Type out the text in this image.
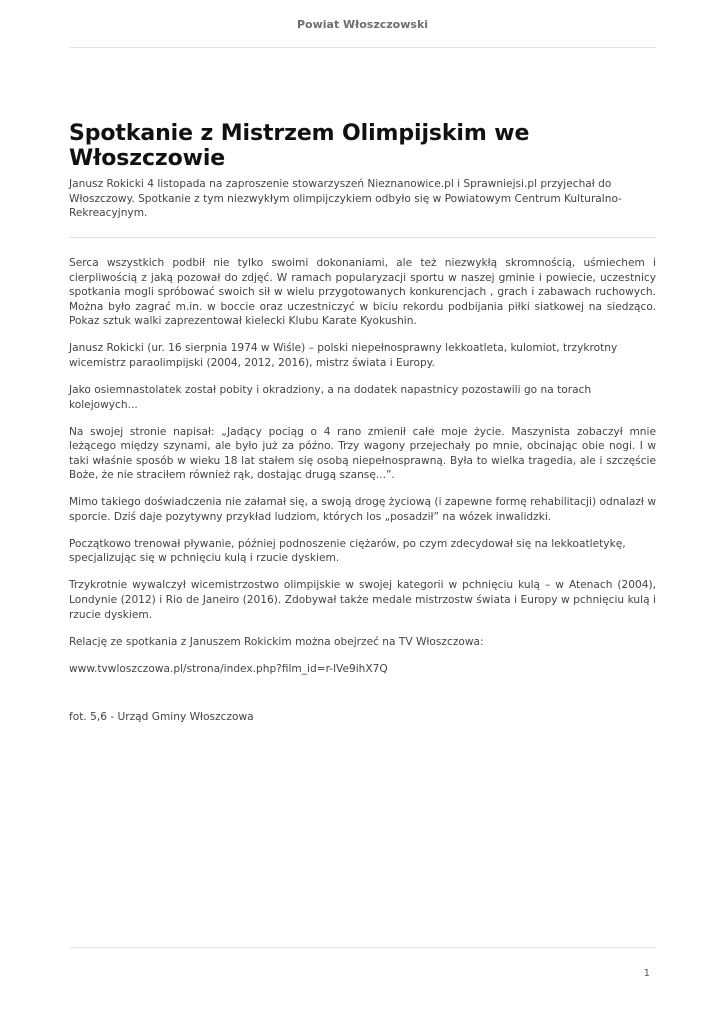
Powiat Włoszczowski
Spotkanie z Mistrzem Olimpijskim we Włoszczowie

Janusz Rokicki 4 listopada na zaproszenie stowarzyszeń Nieznanowice.pl i Sprawniejsi.pl przyjechał do Włoszczowy. Spotkanie z tym niezwykłym olimpijczykiem odbyło się w Powiatowym Centrum Kulturalno-Rekreacyjnym.

Serca wszystkich podbił nie tylko swoimi dokonaniami, ale też niezwykłą skromnością, uśmiechem i cierpliwością z jaką pozował do zdjęć. W ramach popularyzacji sportu w naszej gminie i powiecie, uczestnicy spotkania mogli spróbować swoich sił w wielu przygotowanych konkurencjach , grach i zabawach ruchowych. Można było zagrać m.in. w boccie oraz uczestniczyć w biciu rekordu podbijania piłki siatkowej na siedząco. Pokaz sztuk walki zaprezentował kielecki Klubu Karate Kyokushin.

Janusz Rokicki (ur. 16 sierpnia 1974 w Wiśle) – polski niepełnosprawny lekkoatleta, kulomiot, trzykrotny wicemistrz paraolimpijski (2004, 2012, 2016), mistrz świata i Europy.

Jako osiemnastolatek został pobity i okradziony, a na dodatek napastnicy pozostawili go na torach kolejowych...

Na swojej stronie napisał: „Jadący pociąg o 4 rano zmienił całe moje życie. Maszynista zobaczył mnie leżącego między szynami, ale było już za późno. Trzy wagony przejechały po mnie, obcinając obie nogi. I w taki właśnie sposób w wieku 18 lat stałem się osobą niepełnosprawną. Była to wielka tragedia, ale i szczęście Boże, że nie straciłem również rąk, dostając drugą szansę...”.

Mimo takiego doświadczenia nie załamał się, a swoją drogę życiową (i zapewne formę rehabilitacji) odnalazł w sporcie. Dziś daje pozytywny przykład ludziom, których los „posadził” na wózek inwalidzki.

Początkowo trenował pływanie, później podnoszenie ciężarów, po czym zdecydował się na lekkoatletykę, specjalizując się w pchnięciu kulą i rzucie dyskiem.

Trzykrotnie wywalczył wicemistrzostwo olimpijskie w swojej kategorii w pchnięciu kulą – w Atenach (2004), Londynie (2012) i Rio de Janeiro (2016). Zdobywał także medale mistrzostw świata i Europy w pchnięciu kulą i rzucie dyskiem.

Relację ze spotkania z Januszem Rokickim można obejrzeć na TV Włoszczowa:

www.tvwloszczowa.pl/strona/index.php?film_id=r-lVe9ihX7Q

fot. 5,6 - Urząd Gminy Włoszczowa

1
